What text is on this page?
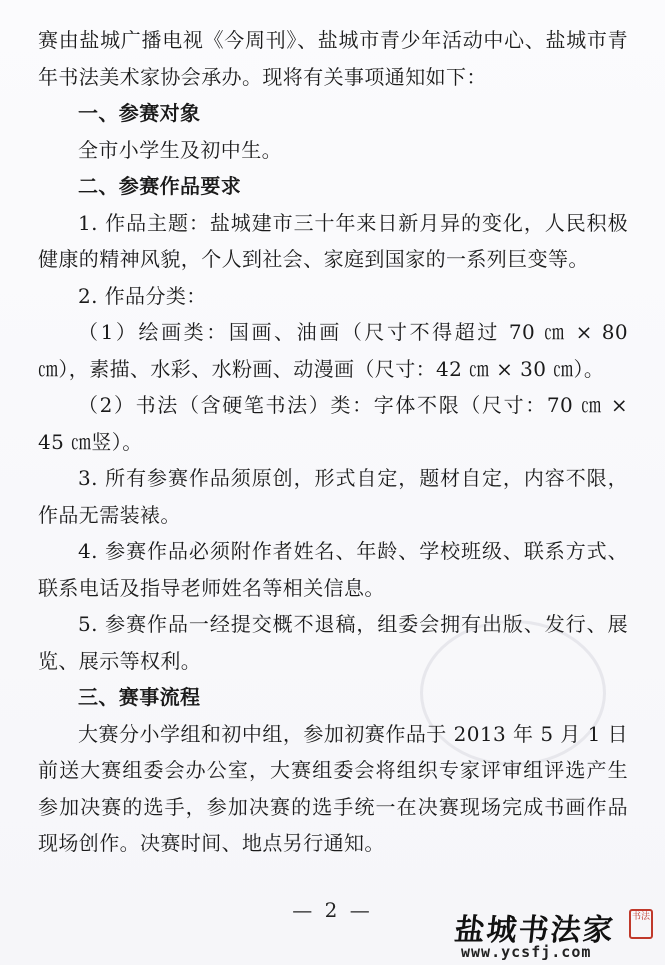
赛由盐城广播电视《今周刊》、盐城市青少年活动中心、盐城市青年书法美术家协会承办。现将有关事项通知如下：

一、参赛对象

全市小学生及初中生。

二、参赛作品要求

1. 作品主题：盐城建市三十年来日新月异的变化，人民积极健康的精神风貌，个人到社会、家庭到国家的一系列巨变等。

2. 作品分类：

（1）绘画类：国画、油画（尺寸不得超过 70 ㎝ × 80 ㎝），素描、水彩、水粉画、动漫画（尺寸：42 ㎝ × 30 ㎝）。

（2）书法（含硬笔书法）类：字体不限（尺寸：70 ㎝ × 45 ㎝竖）。

3. 所有参赛作品须原创，形式自定，题材自定，内容不限，作品无需装裱。

4. 参赛作品必须附作者姓名、年龄、学校班级、联系方式、联系电话及指导老师姓名等相关信息。

5. 参赛作品一经提交概不退稿，组委会拥有出版、发行、展览、展示等权利。

三、赛事流程

大赛分小学组和初中组，参加初赛作品于 2013 年 5 月 1 日前送大赛组委会办公室，大赛组委会将组织专家评审组评选产生参加决赛的选手，参加决赛的选手统一在决赛现场完成书画作品现场创作。决赛时间、地点另行通知。

— 2 —
盐城书法家	书法
www.ycsfj.com
